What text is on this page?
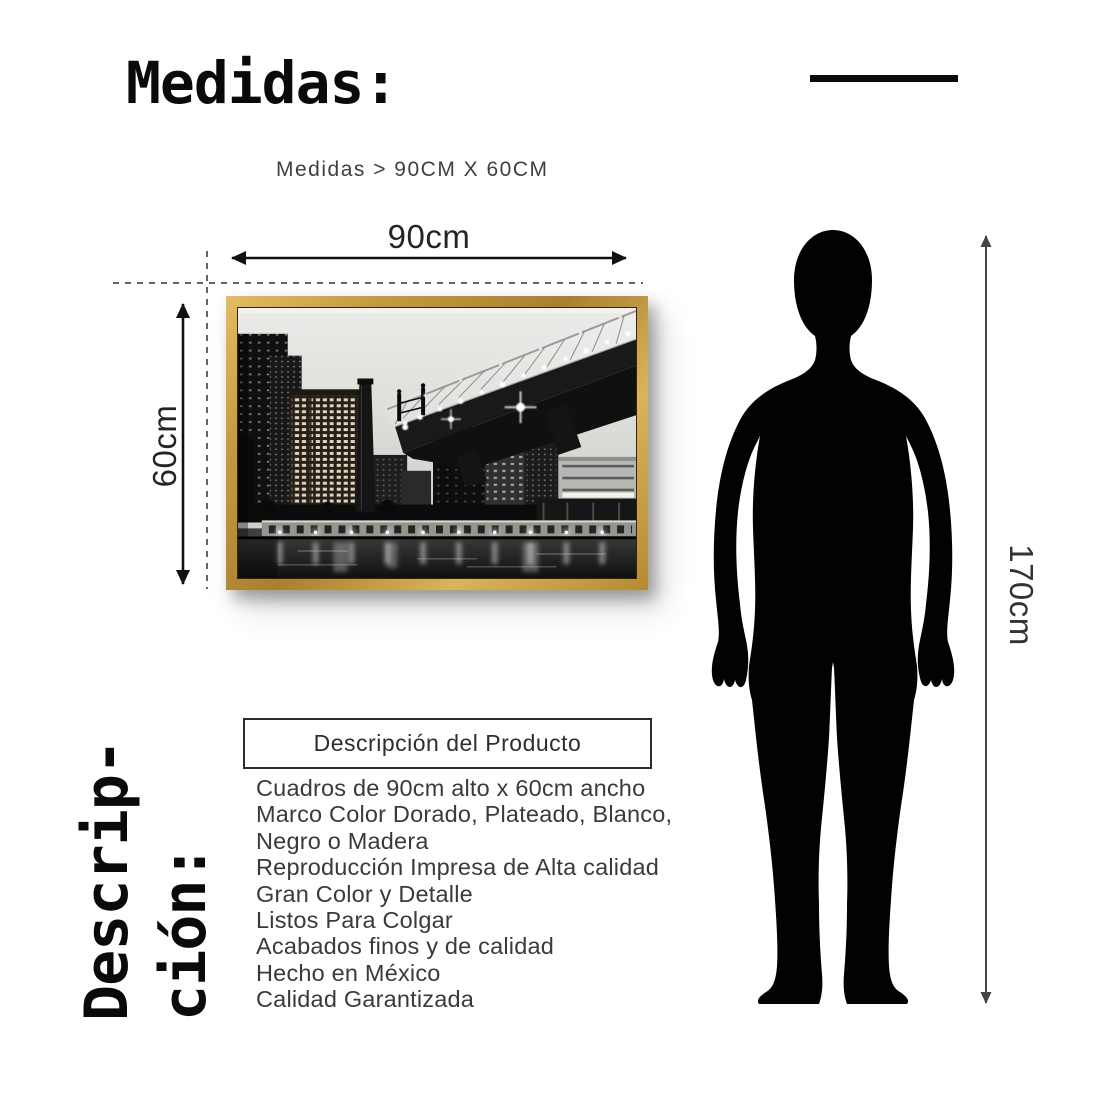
Medidas:
Medidas > 90CM X 60CM
90cm
60cm
170cm
Descrip- ción:
Descripción del Producto
Cuadros de 90cm alto x 60cm ancho
Marco Color Dorado, Plateado, Blanco,
Negro o Madera
Reproducción Impresa de Alta calidad
Gran Color y Detalle
Listos Para Colgar
Acabados finos y de calidad
Hecho en México
Calidad Garantizada
